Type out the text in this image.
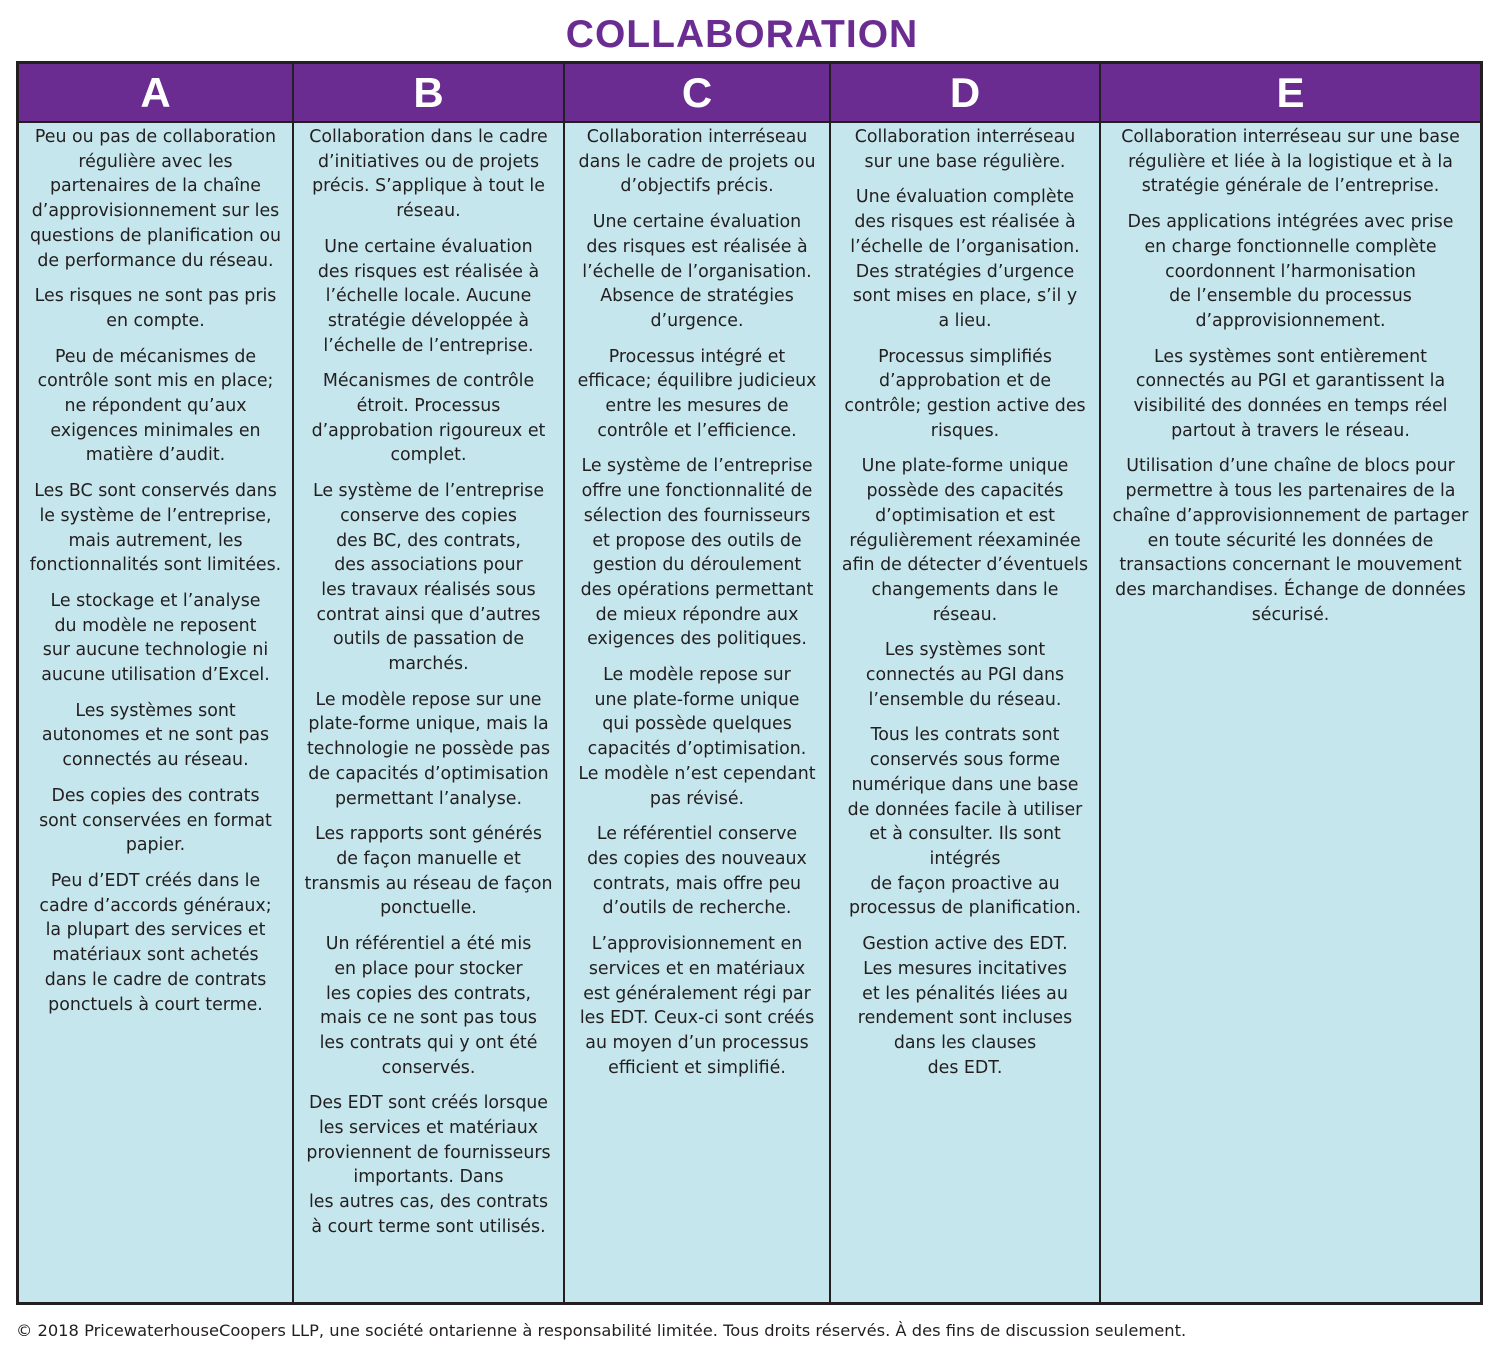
COLLABORATION
A

Peu ou pas de collaboration
régulière avec les
partenaires de la chaîne
d’approvisionnement sur les
questions de planification ou
de performance du réseau.

Les risques ne sont pas pris
en compte.

Peu de mécanismes de
contrôle sont mis en place;
ne répondent qu’aux
exigences minimales en
matière d’audit.

Les BC sont conservés dans
le système de l’entreprise,
mais autrement, les
fonctionnalités sont limitées.

Le stockage et l’analyse
du modèle ne reposent
sur aucune technologie ni
aucune utilisation d’Excel.

Les systèmes sont
autonomes et ne sont pas
connectés au réseau.

Des copies des contrats
sont conservées en format
papier.

Peu d’EDT créés dans le
cadre d’accords généraux;
la plupart des services et
matériaux sont achetés
dans le cadre de contrats
ponctuels à court terme.

B

Collaboration dans le cadre
d’initiatives ou de projets
précis. S’applique à tout le
réseau.

Une certaine évaluation
des risques est réalisée à
l’échelle locale. Aucune
stratégie développée à
l’échelle de l’entreprise.

Mécanismes de contrôle
étroit. Processus
d’approbation rigoureux et
complet.

Le système de l’entreprise
conserve des copies
des BC, des contrats,
des associations pour
les travaux réalisés sous
contrat ainsi que d’autres
outils de passation de
marchés.

Le modèle repose sur une
plate-forme unique, mais la
technologie ne possède pas
de capacités d’optimisation
permettant l’analyse.

Les rapports sont générés
de façon manuelle et
transmis au réseau de façon
ponctuelle.

Un référentiel a été mis
en place pour stocker
les copies des contrats,
mais ce ne sont pas tous
les contrats qui y ont été
conservés.

Des EDT sont créés lorsque
les services et matériaux
proviennent de fournisseurs
importants. Dans
les autres cas, des contrats
à court terme sont utilisés.

C

Collaboration interréseau
dans le cadre de projets ou
d’objectifs précis.

Une certaine évaluation
des risques est réalisée à
l’échelle de l’organisation.
Absence de stratégies
d’urgence.

Processus intégré et
efficace; équilibre judicieux
entre les mesures de
contrôle et l’efficience.

Le système de l’entreprise
offre une fonctionnalité de
sélection des fournisseurs
et propose des outils de
gestion du déroulement
des opérations permettant
de mieux répondre aux
exigences des politiques.

Le modèle repose sur
une plate-forme unique
qui possède quelques
capacités d’optimisation.
Le modèle n’est cependant
pas révisé.

Le référentiel conserve
des copies des nouveaux
contrats, mais offre peu
d’outils de recherche.

L’approvisionnement en
services et en matériaux
est généralement régi par
les EDT. Ceux-ci sont créés
au moyen d’un processus
efficient et simplifié.

D

Collaboration interréseau
sur une base régulière.

Une évaluation complète
des risques est réalisée à
l’échelle de l’organisation.
Des stratégies d’urgence
sont mises en place, s’il y
a lieu.

Processus simplifiés
d’approbation et de
contrôle; gestion active des
risques.

Une plate-forme unique
possède des capacités
d’optimisation et est
régulièrement réexaminée
afin de détecter d’éventuels
changements dans le
réseau.

Les systèmes sont
connectés au PGI dans
l’ensemble du réseau.

Tous les contrats sont
conservés sous forme
numérique dans une base
de données facile à utiliser
et à consulter. Ils sont
intégrés
de façon proactive au
processus de planification.

Gestion active des EDT.
Les mesures incitatives
et les pénalités liées au
rendement sont incluses
dans les clauses
des EDT.

E

Collaboration interréseau sur une base
régulière et liée à la logistique et à la
stratégie générale de l’entreprise.

Des applications intégrées avec prise
en charge fonctionnelle complète
coordonnent l’harmonisation
de l’ensemble du processus
d’approvisionnement.

Les systèmes sont entièrement
connectés au PGI et garantissent la
visibilité des données en temps réel
partout à travers le réseau.

Utilisation d’une chaîne de blocs pour
permettre à tous les partenaires de la
chaîne d’approvisionnement de partager
en toute sécurité les données de
transactions concernant le mouvement
des marchandises. Échange de données
sécurisé.

© 2018 PricewaterhouseCoopers LLP, une société ontarienne à responsabilité limitée. Tous droits réservés. À des fins de discussion seulement.
